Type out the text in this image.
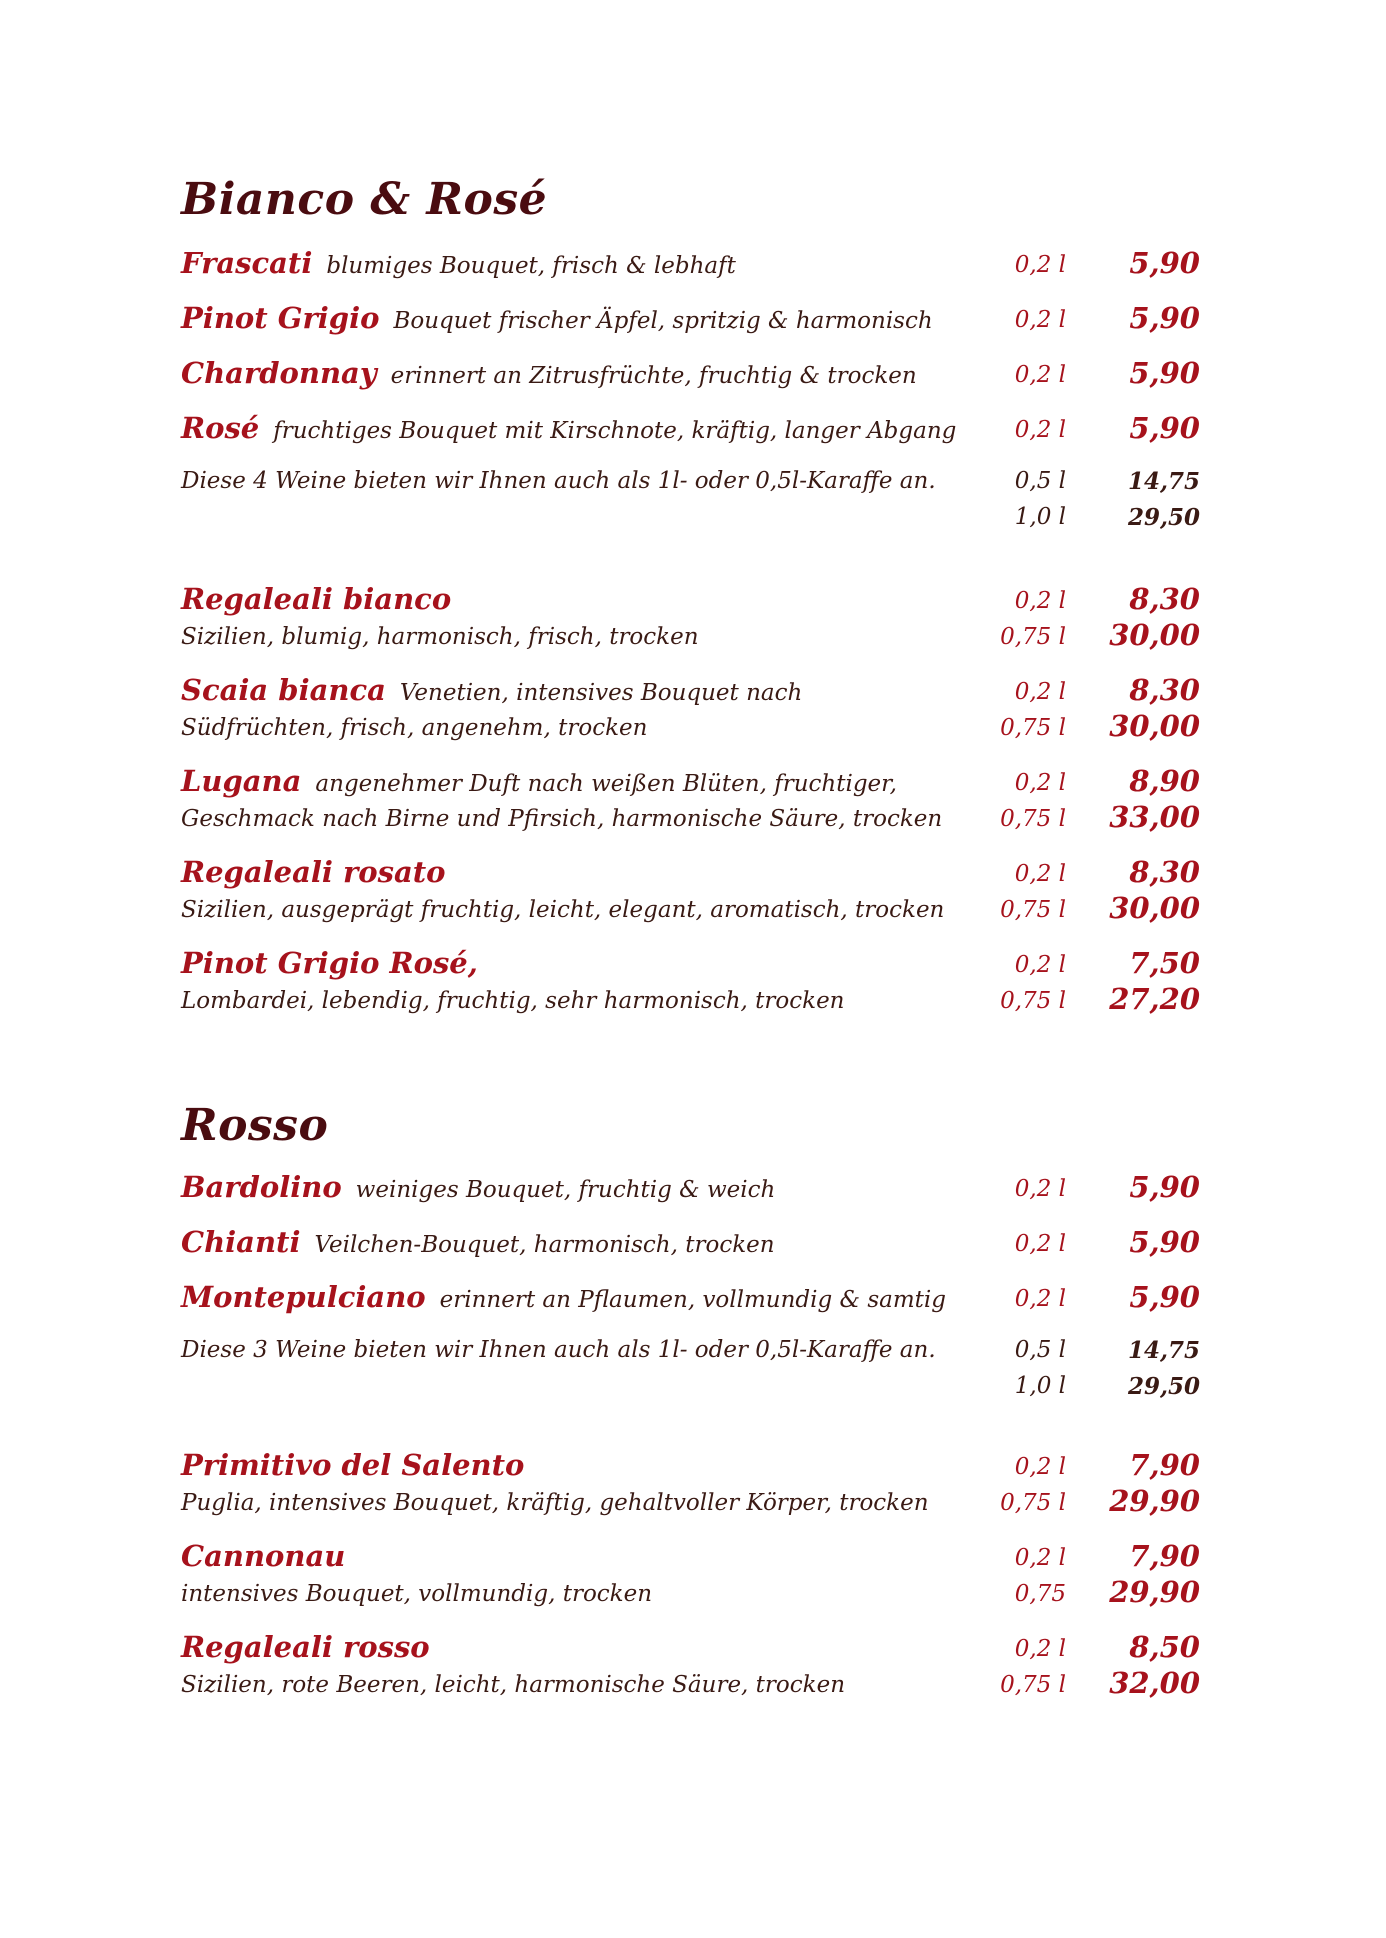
Bianco & Rosé
Frascati blumiges Bouquet, frisch & lebhaft	0,2 l	5,90
Pinot Grigio Bouquet frischer Äpfel, spritzig & harmonisch	0,2 l	5,90
Chardonnay erinnert an Zitrusfrüchte, fruchtig & trocken	0,2 l	5,90
Rosé fruchtiges Bouquet mit Kirschnote, kräftig, langer Abgang	0,2 l	5,90
Diese 4 Weine bieten wir Ihnen auch als 1l- oder 0,5l-Karaffe an.	0,5 l	14,75
1,0 l	29,50
Regaleali bianco	0,2 l	8,30
Sizilien, blumig, harmonisch, frisch, trocken	0,75 l	30,00
Scaia bianca Venetien, intensives Bouquet nach	0,2 l	8,30
Südfrüchten, frisch, angenehm, trocken	0,75 l	30,00
Lugana angenehmer Duft nach weißen Blüten, fruchtiger,	0,2 l	8,90
Geschmack nach Birne und Pfirsich, harmonische Säure, trocken	0,75 l	33,00
Regaleali rosato	0,2 l	8,30
Sizilien, ausgeprägt fruchtig, leicht, elegant, aromatisch, trocken	0,75 l	30,00
Pinot Grigio Rosé,	0,2 l	7,50
Lombardei, lebendig, fruchtig, sehr harmonisch, trocken	0,75 l	27,20
Rosso
Bardolino weiniges Bouquet, fruchtig & weich	0,2 l	5,90
Chianti Veilchen-Bouquet, harmonisch, trocken	0,2 l	5,90
Montepulciano erinnert an Pflaumen, vollmundig & samtig	0,2 l	5,90
Diese 3 Weine bieten wir Ihnen auch als 1l- oder 0,5l-Karaffe an.	0,5 l	14,75
1,0 l	29,50
Primitivo del Salento	0,2 l	7,90
Puglia, intensives Bouquet, kräftig, gehaltvoller Körper, trocken	0,75 l	29,90
Cannonau	0,2 l	7,90
intensives Bouquet, vollmundig, trocken	0,75	29,90
Regaleali rosso	0,2 l	8,50
Sizilien, rote Beeren, leicht, harmonische Säure, trocken	0,75 l	32,00
